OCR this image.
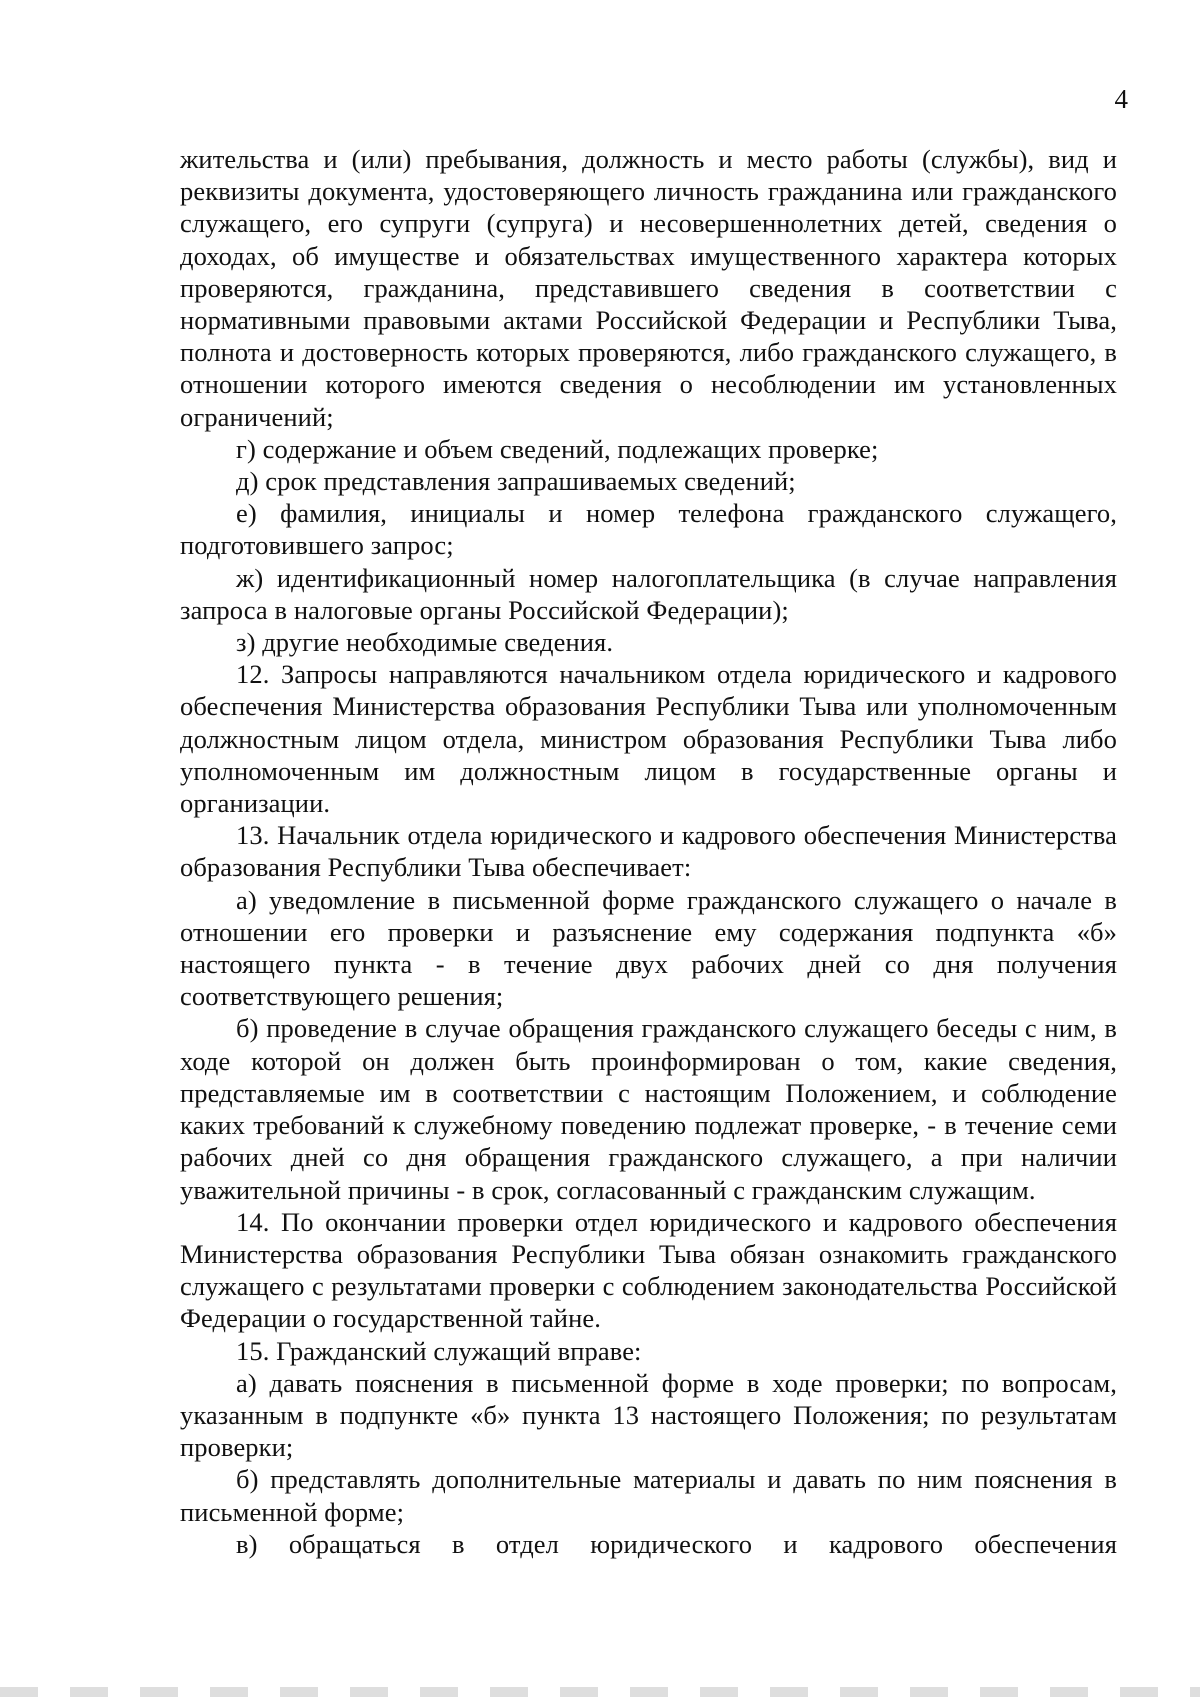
4

жительства и (или) пребывания, должность и место работы (службы), вид и реквизиты документа, удостоверяющего личность гражданина или гражданского служащего, его супруги (супруга) и несовершеннолетних детей, сведения о доходах, об имуществе и обязательствах имущественного характера которых проверяются, гражданина, представившего сведения в соответствии с нормативными правовыми актами Российской Федерации и Республики Тыва, полнота и достоверность которых проверяются, либо гражданского служащего, в отношении которого имеются сведения о несоблюдении им установленных ограничений;

г) содержание и объем сведений, подлежащих проверке;

д) срок представления запрашиваемых сведений;

е) фамилия, инициалы и номер телефона гражданского служащего, подготовившего запрос;

ж) идентификационный номер налогоплательщика (в случае направления запроса в налоговые органы Российской Федерации);

з) другие необходимые сведения.

12. Запросы направляются начальником отдела юридического и кадрового обеспечения Министерства образования Республики Тыва или уполномоченным должностным лицом отдела, министром образования Республики Тыва либо уполномоченным им должностным лицом в государственные органы и организации.

13. Начальник отдела юридического и кадрового обеспечения Министерства образования Республики Тыва обеспечивает:

а) уведомление в письменной форме гражданского служащего о начале в отношении его проверки и разъяснение ему содержания подпункта «б» настоящего пункта - в течение двух рабочих дней со дня получения соответствующего решения;

б) проведение в случае обращения гражданского служащего беседы с ним, в ходе которой он должен быть проинформирован о том, какие сведения, представляемые им в соответствии с настоящим Положением, и соблюдение каких требований к служебному поведению подлежат проверке, - в течение семи рабочих дней со дня обращения гражданского служащего, а при наличии уважительной причины - в срок, согласованный с гражданским служащим.

14. По окончании проверки отдел юридического и кадрового обеспечения Министерства образования Республики Тыва обязан ознакомить гражданского служащего с результатами проверки с соблюдением законодательства Российской Федерации о государственной тайне.

15. Гражданский служащий вправе:

а) давать пояснения в письменной форме в ходе проверки; по вопросам, указанным в подпункте «б» пункта 13 настоящего Положения; по результатам проверки;

б) представлять дополнительные материалы и давать по ним пояснения в письменной форме;

в) обращаться в отдел юридического и кадрового обеспечения
